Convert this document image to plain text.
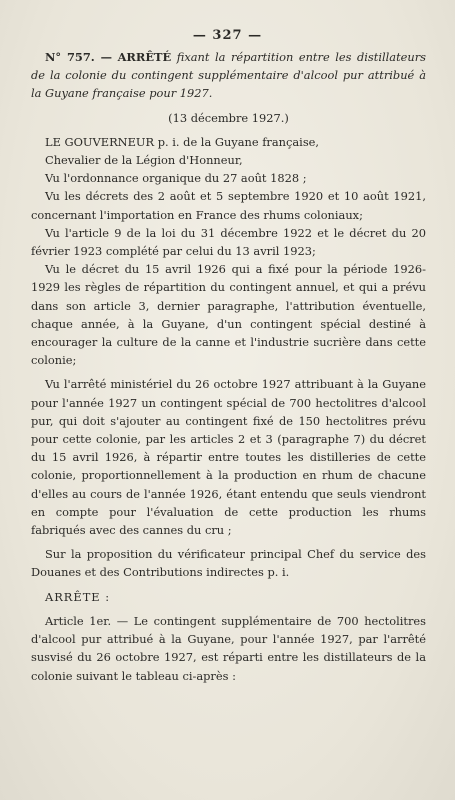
— 327 —

N° 757. — ARRÊTÉ fixant la répartition entre les distillateurs de la colonie du contingent supplémentaire d'alcool pur attribué à la Guyane française pour 1927.

(13 décembre 1927.)

LE GOUVERNEUR p. i. de la Guyane française,

Chevalier de la Légion d'Honneur,

Vu l'ordonnance organique du 27 août 1828 ;

Vu les décrets des 2 août et 5 septembre 1920 et 10 août 1921, concernant l'importation en France des rhums coloniaux;

Vu l'article 9 de la loi du 31 décembre 1922 et le décret du 20 février 1923 complété par celui du 13 avril 1923;

Vu le décret du 15 avril 1926 qui a fixé pour la période 1926-1929 les règles de répartition du contingent annuel, et qui a prévu dans son article 3, dernier paragraphe, l'attribution éventuelle, chaque année, à la Guyane, d'un contingent spécial destiné à encourager la culture de la canne et l'industrie sucrière dans cette colonie;

Vu l'arrêté ministériel du 26 octobre 1927 attribuant à la Guyane pour l'année 1927 un contingent spécial de 700 hectolitres d'alcool pur, qui doit s'ajouter au contingent fixé de 150 hectolitres prévu pour cette colonie, par les articles 2 et 3 (paragraphe 7) du décret du 15 avril 1926, à répartir entre toutes les distilleries de cette colonie, proportionnellement à la production en rhum de chacune d'elles au cours de l'année 1926, étant entendu que seuls viendront en compte pour l'évaluation de cette production les rhums fabriqués avec des cannes du cru ;

Sur la proposition du vérificateur principal Chef du service des Douanes et des Contributions indirectes p. i.

ARRÊTE :

Article 1er. — Le contingent supplémentaire de 700 hectolitres d'alcool pur attribué à la Guyane, pour l'année 1927, par l'arrêté susvisé du 26 octobre 1927, est réparti entre les distillateurs de la colonie suivant le tableau ci-après :
